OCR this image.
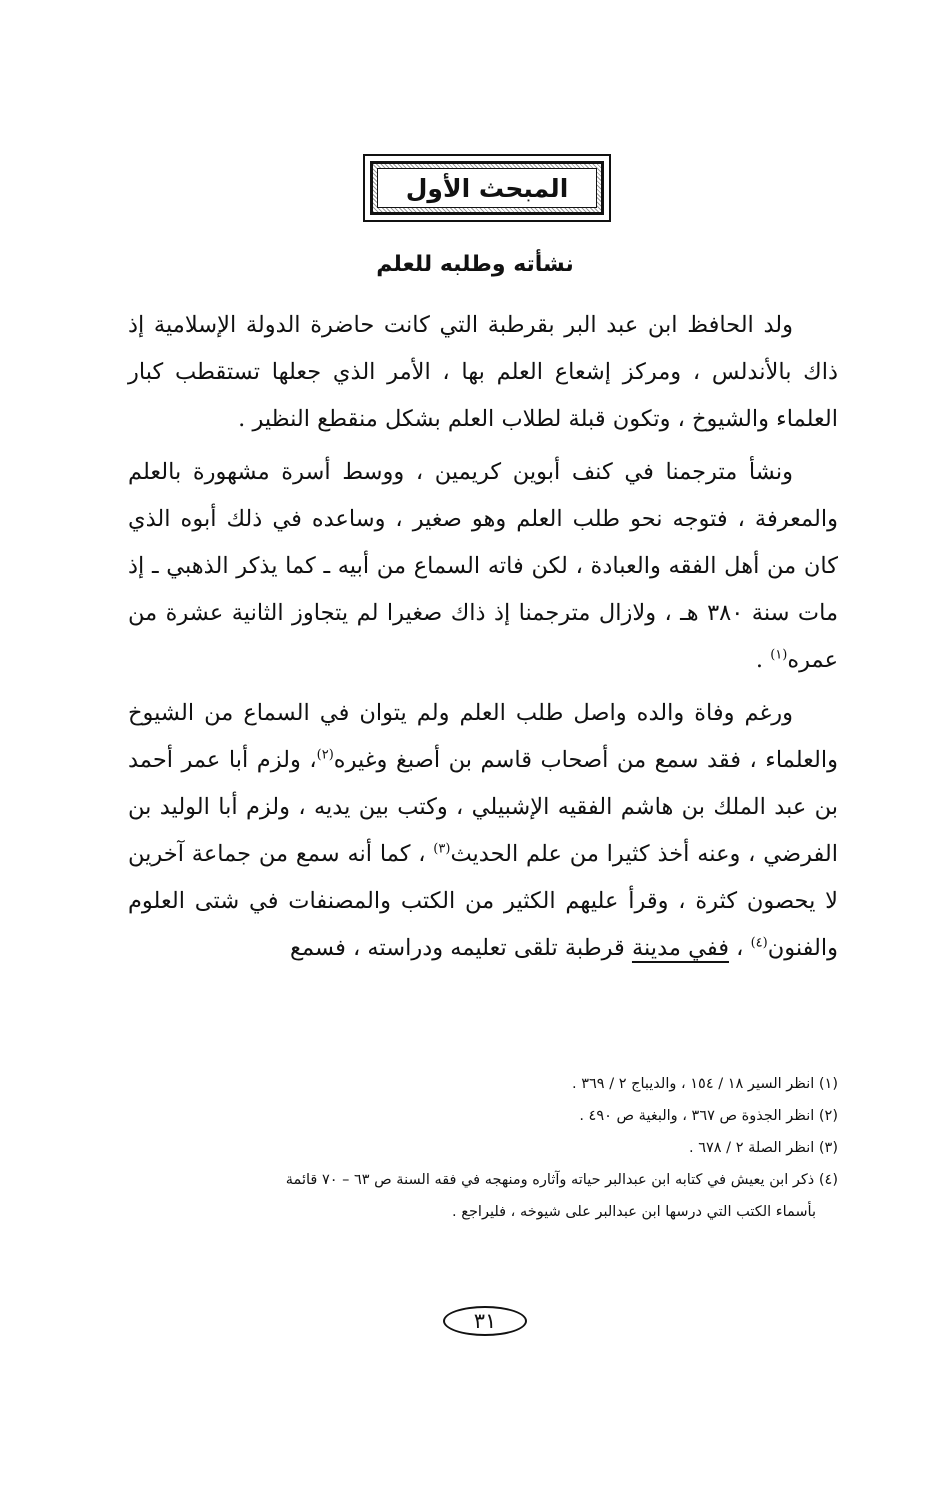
المبحث الأول
نشأته وطلبه للعلم

ولد الحافظ ابن عبد البر بقرطبة التي كانت حاضرة الدولة الإسلامية إذ ذاك بالأندلس ، ومركز إشعاع العلم بها ، الأمر الذي جعلها تستقطب كبار العلماء والشيوخ ، وتكون قبلة لطلاب العلم بشكل منقطع النظير .

ونشأ مترجمنا في كنف أبوين كريمين ، ووسط أسرة مشهورة بالعلم والمعرفة ، فتوجه نحو طلب العلم وهو صغير ، وساعده في ذلك أبوه الذي كان من أهل الفقه والعبادة ، لكن فاته السماع من أبيه ـ كما يذكر الذهبي ـ إذ مات سنة ٣٨٠ هـ ، ولازال مترجمنا إذ ذاك صغيرا لم يتجاوز الثانية عشرة من عمره$^{(١)}$ .

ورغم وفاة والده واصل طلب العلم ولم يتوان في السماع من الشيوخ والعلماء ، فقد سمع من أصحاب قاسم بن أصبغ وغيره$^{(٢)}$، ولزم أبا عمر أحمد بن عبد الملك بن هاشم الفقيه الإشبيلي ، وكتب بين يديه ، ولزم أبا الوليد بن الفرضي ، وعنه أخذ كثيرا من علم الحديث$^{(٣)}$ ، كما أنه سمع من جماعة آخرين لا يحصون كثرة ، وقرأ عليهم الكثير من الكتب والمصنفات في شتى العلوم والفنون$^{(٤)}$ ، ففي مدينة قرطبة تلقى تعليمه ودراسته ، فسمع

(١) انظر السير ١٨ / ١٥٤ ، والديباج ٢ / ٣٦٩ .

(٢) انظر الجذوة ص ٣٦٧ ، والبغية ص ٤٩٠ .

(٣) انظر الصلة ٢ / ٦٧٨ .

(٤) ذكر ابن يعيش في كتابه ابن عبدالبر حياته وآثاره ومنهجه في فقه السنة ص ٦٣ – ٧٠ قائمة

بأسماء الكتب التي درسها ابن عبدالبر على شيوخه ، فليراجع .

٣١
